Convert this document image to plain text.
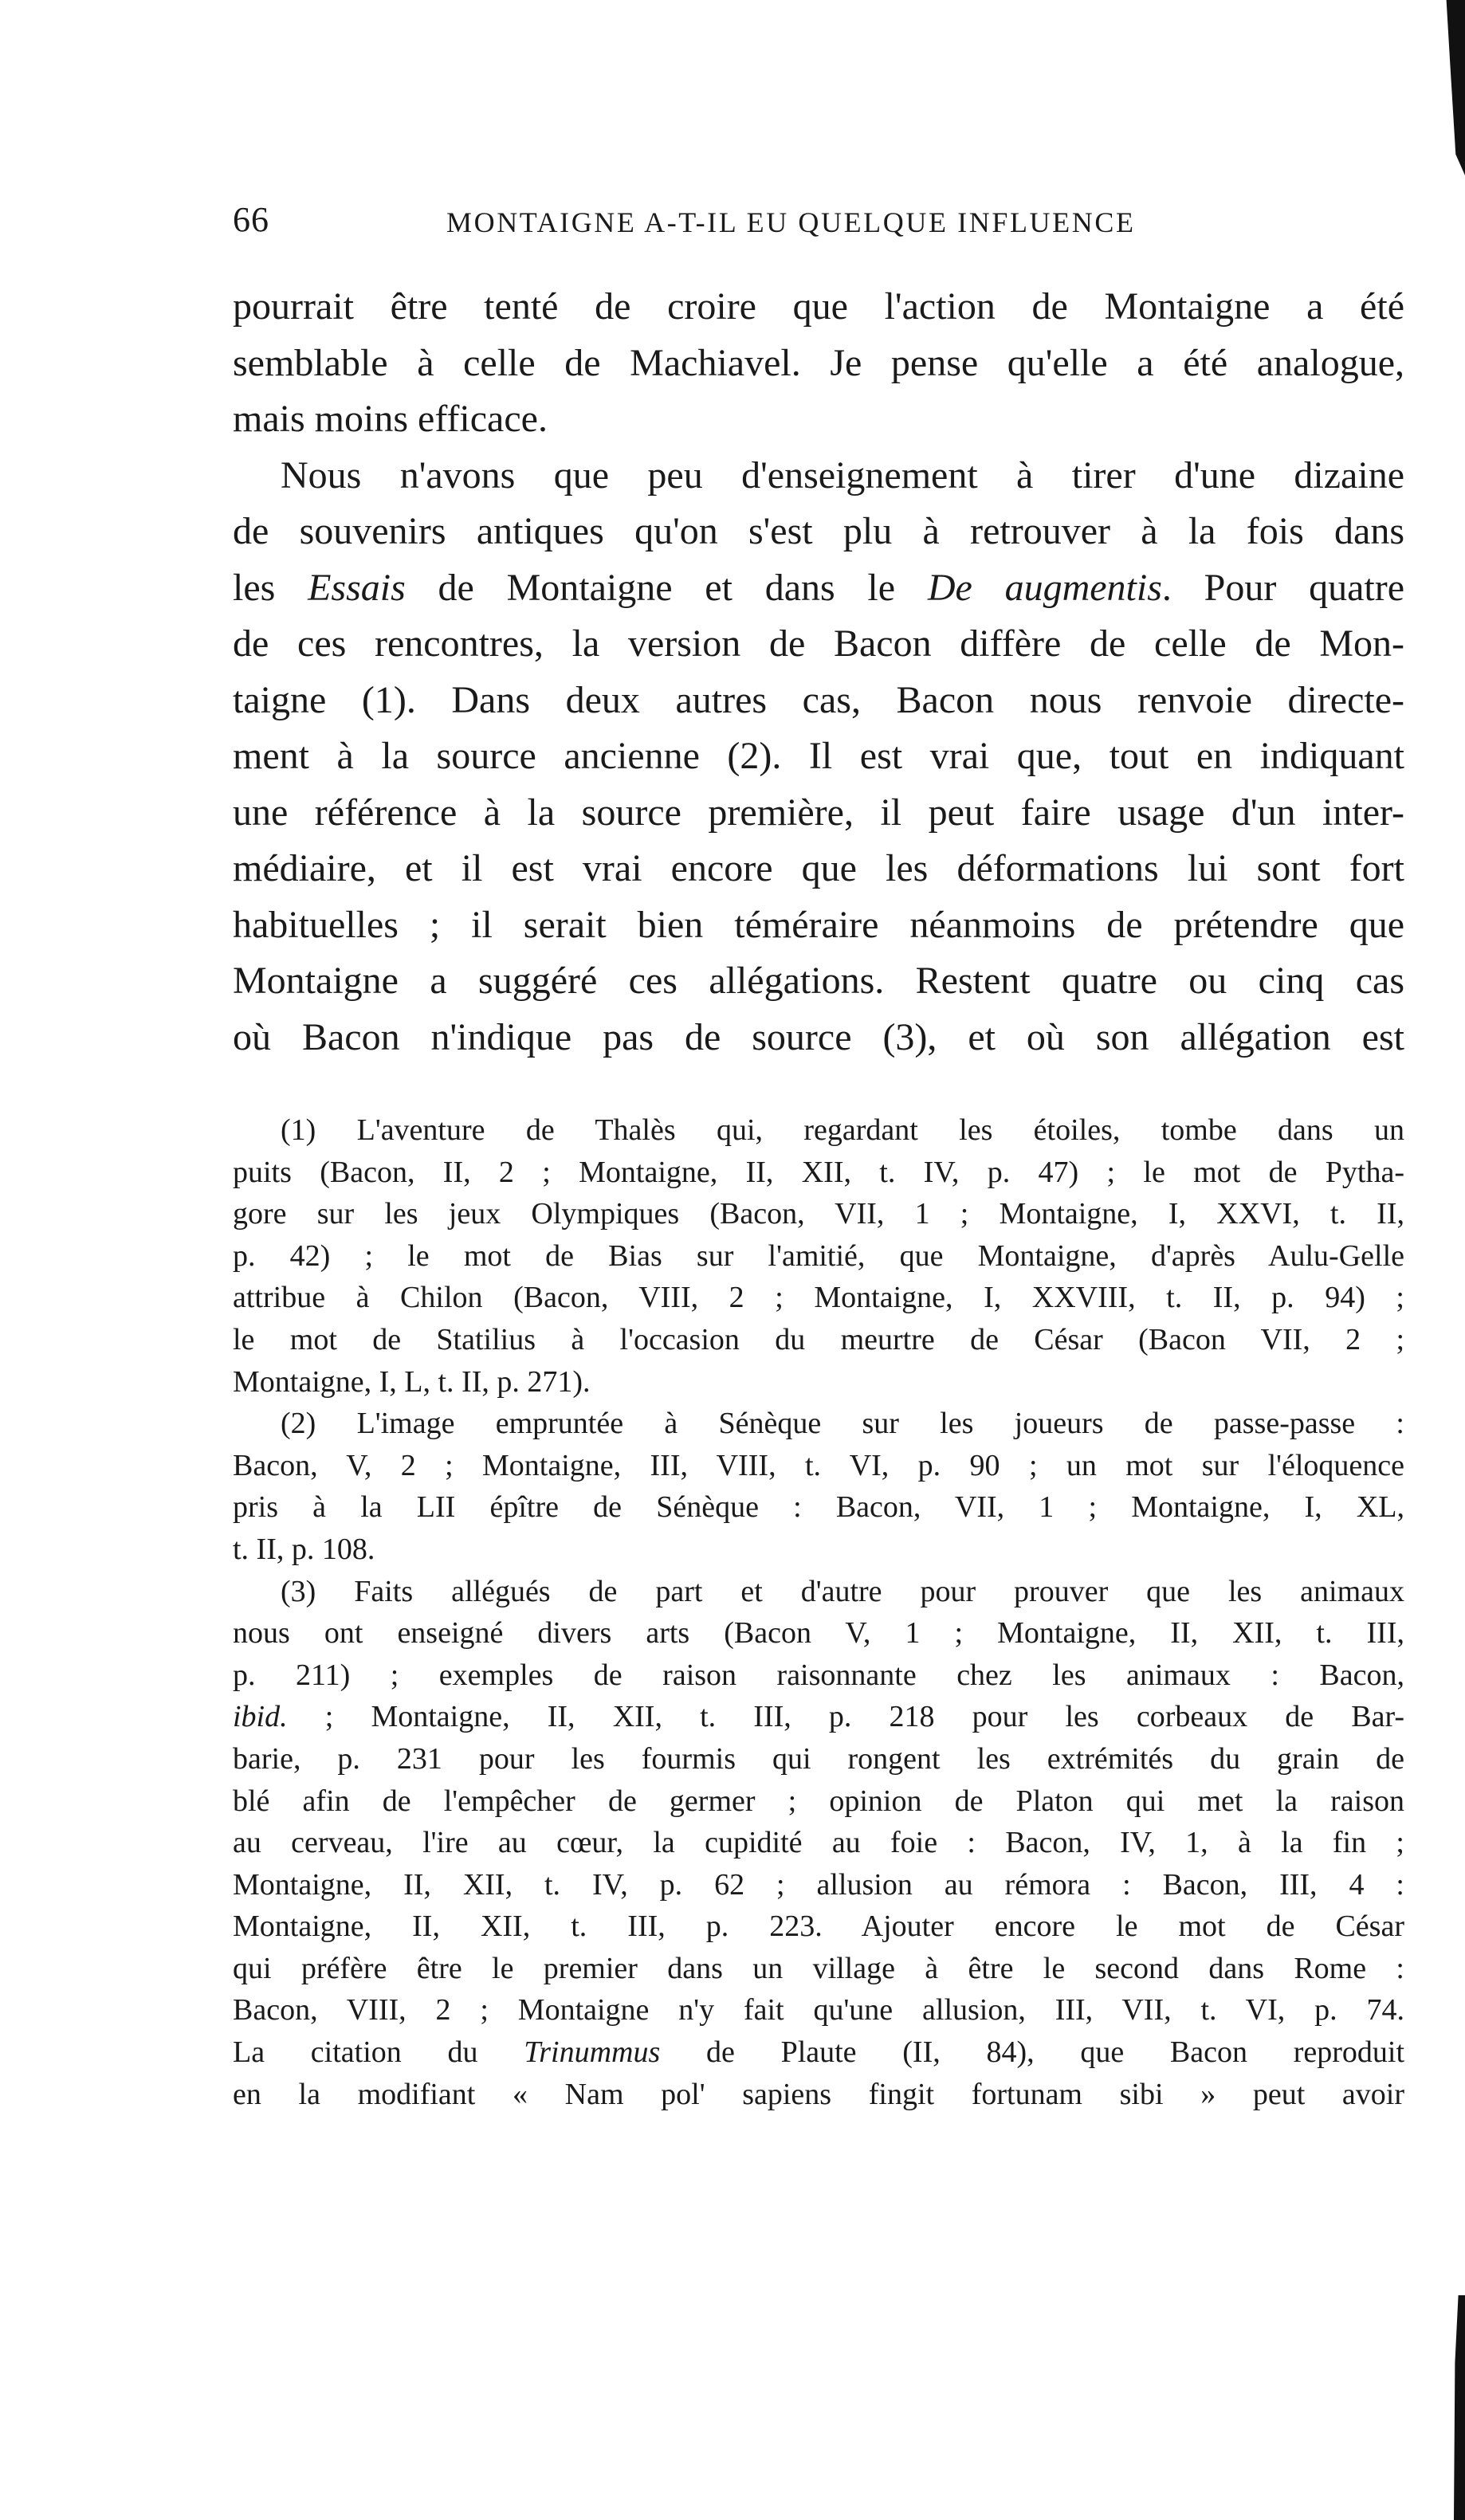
66	MONTAIGNE A-T-IL EU QUELQUE INFLUENCE
pourrait être tenté de croire que l'action de Montaigne a été
semblable à celle de Machiavel. Je pense qu'elle a été analogue,
mais moins efficace.
Nous n'avons que peu d'enseignement à tirer d'une dizaine
de souvenirs antiques qu'on s'est plu à retrouver à la fois dans
les Essais de Montaigne et dans le De augmentis. Pour quatre
de ces rencontres, la version de Bacon diffère de celle de Mon-
taigne (1). Dans deux autres cas, Bacon nous renvoie directe-
ment à la source ancienne (2). Il est vrai que, tout en indiquant
une référence à la source première, il peut faire usage d'un inter-
médiaire, et il est vrai encore que les déformations lui sont fort
habituelles ; il serait bien téméraire néanmoins de prétendre que
Montaigne a suggéré ces allégations. Restent quatre ou cinq cas
où Bacon n'indique pas de source (3), et où son allégation est
(1) L'aventure de Thalès qui, regardant les étoiles, tombe dans un
puits (Bacon, II, 2 ; Montaigne, II, XII, t. IV, p. 47) ; le mot de Pytha-
gore sur les jeux Olympiques (Bacon, VII, 1 ; Montaigne, I, XXVI, t. II,
p. 42) ; le mot de Bias sur l'amitié, que Montaigne, d'après Aulu-Gelle
attribue à Chilon (Bacon, VIII, 2 ; Montaigne, I, XXVIII, t. II, p. 94) ;
le mot de Statilius à l'occasion du meurtre de César (Bacon VII, 2 ;
Montaigne, I, L, t. II, p. 271).
(2) L'image empruntée à Sénèque sur les joueurs de passe-passe :
Bacon, V, 2 ; Montaigne, III, VIII, t. VI, p. 90 ; un mot sur l'éloquence
pris à la LII épître de Sénèque : Bacon, VII, 1 ; Montaigne, I, XL,
t. II, p. 108.
(3) Faits allégués de part et d'autre pour prouver que les animaux
nous ont enseigné divers arts (Bacon V, 1 ; Montaigne, II, XII, t. III,
p. 211) ; exemples de raison raisonnante chez les animaux : Bacon,
ibid. ; Montaigne, II, XII, t. III, p. 218 pour les corbeaux de Bar-
barie, p. 231 pour les fourmis qui rongent les extrémités du grain de
blé afin de l'empêcher de germer ; opinion de Platon qui met la raison
au cerveau, l'ire au cœur, la cupidité au foie : Bacon, IV, 1, à la fin ;
Montaigne, II, XII, t. IV, p. 62 ; allusion au rémora : Bacon, III, 4 :
Montaigne, II, XII, t. III, p. 223. Ajouter encore le mot de César
qui préfère être le premier dans un village à être le second dans Rome :
Bacon, VIII, 2 ; Montaigne n'y fait qu'une allusion, III, VII, t. VI, p. 74.
La citation du Trinummus de Plaute (II, 84), que Bacon reproduit
en la modifiant « Nam pol' sapiens fingit fortunam sibi » peut avoir
